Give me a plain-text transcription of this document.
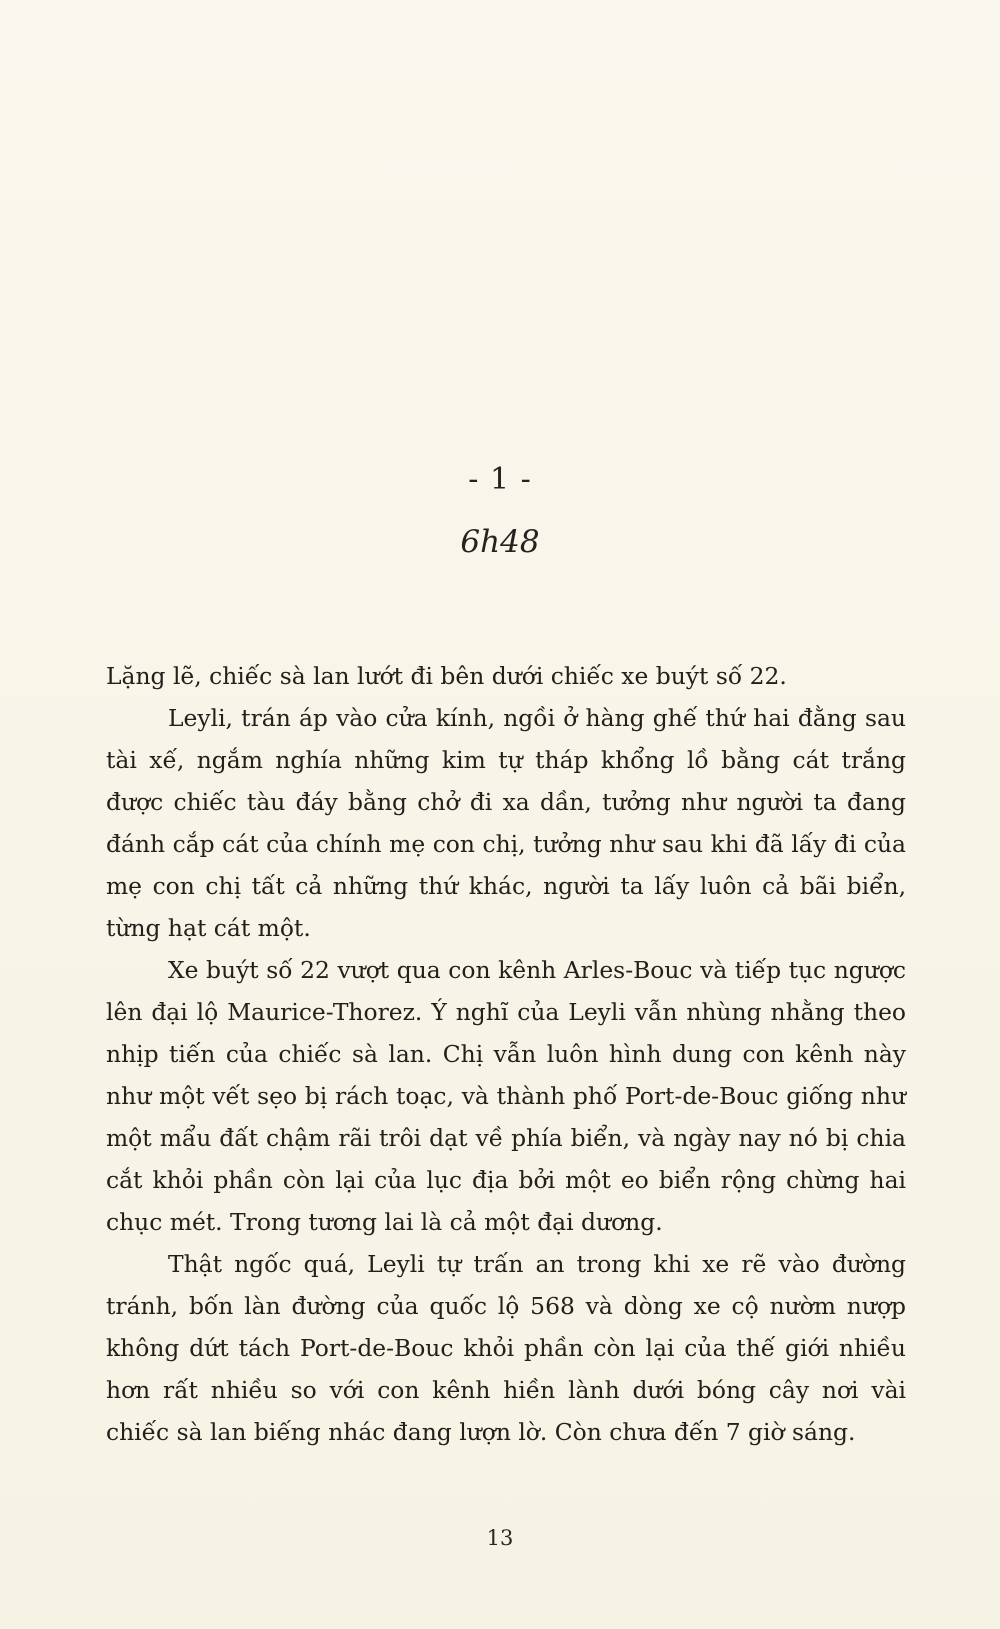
- 1 -
6h48

Lặng lẽ, chiếc sà lan lướt đi bên dưới chiếc xe buýt số 22.

Leyli, trán áp vào cửa kính, ngồi ở hàng ghế thứ hai đằng sau tài xế, ngắm nghía những kim tự tháp khổng lồ bằng cát trắng được chiếc tàu đáy bằng chở đi xa dần, tưởng như người ta đang đánh cắp cát của chính mẹ con chị, tưởng như sau khi đã lấy đi của mẹ con chị tất cả những thứ khác, người ta lấy luôn cả bãi biển, từng hạt cát một.

Xe buýt số 22 vượt qua con kênh Arles-Bouc và tiếp tục ngược lên đại lộ Maurice-Thorez. Ý nghĩ của Leyli vẫn nhùng nhằng theo nhịp tiến của chiếc sà lan. Chị vẫn luôn hình dung con kênh này như một vết sẹo bị rách toạc, và thành phố Port-de-Bouc giống như một mẩu đất chậm rãi trôi dạt về phía biển, và ngày nay nó bị chia cắt khỏi phần còn lại của lục địa bởi một eo biển rộng chừng hai chục mét. Trong tương lai là cả một đại dương.

Thật ngốc quá, Leyli tự trấn an trong khi xe rẽ vào đường tránh, bốn làn đường của quốc lộ 568 và dòng xe cộ nườm nượp không dứt tách Port-de-Bouc khỏi phần còn lại của thế giới nhiều hơn rất nhiều so với con kênh hiền lành dưới bóng cây nơi vài chiếc sà lan biếng nhác đang lượn lờ. Còn chưa đến 7 giờ sáng.

13
